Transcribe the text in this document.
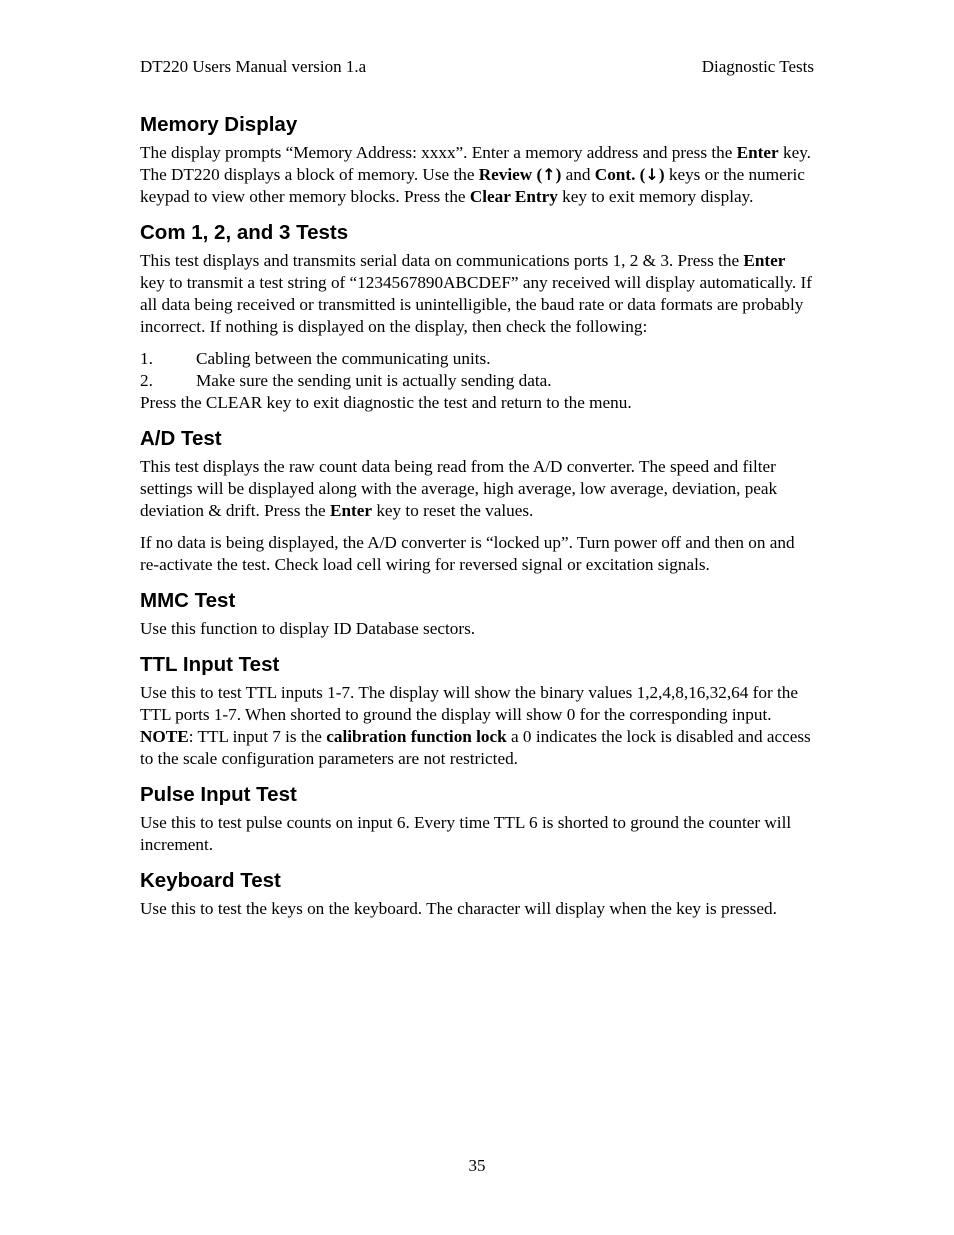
DT220 Users Manual version 1.a	Diagnostic Tests
Memory Display

The display prompts “Memory Address: xxxx”. Enter a memory address and press the Enter key. The DT220 displays a block of memory. Use the Review (↑) and Cont. (↓) keys or the numeric keypad to view other memory blocks. Press the Clear Entry key to exit memory display.

Com 1, 2, and 3 Tests

This test displays and transmits serial data on communications ports 1, 2 & 3. Press the Enter key to transmit a test string of “1234567890ABCDEF” any received will display automatically. If all data being received or transmitted is unintelligible, the baud rate or data formats are probably incorrect. If nothing is displayed on the display, then check the following:

1.	Cabling between the communicating units.
2.	Make sure the sending unit is actually sending data.

Press the CLEAR key to exit diagnostic the test and return to the menu.

A/D Test

This test displays the raw count data being read from the A/D converter. The speed and filter settings will be displayed along with the average, high average, low average, deviation, peak deviation & drift. Press the Enter key to reset the values.

If no data is being displayed, the A/D converter is “locked up”. Turn power off and then on and re-activate the test. Check load cell wiring for reversed signal or excitation signals.

MMC Test

Use this function to display ID Database sectors.

TTL Input Test

Use this to test TTL inputs 1-7. The display will show the binary values 1,2,4,8,16,32,64 for the TTL ports 1-7. When shorted to ground the display will show 0 for the corresponding input. NOTE: TTL input 7 is the calibration function lock a 0 indicates the lock is disabled and access to the scale configuration parameters are not restricted.

Pulse Input Test

Use this to test pulse counts on input 6. Every time TTL 6 is shorted to ground the counter will increment.

Keyboard Test

Use this to test the keys on the keyboard. The character will display when the key is pressed.

35
